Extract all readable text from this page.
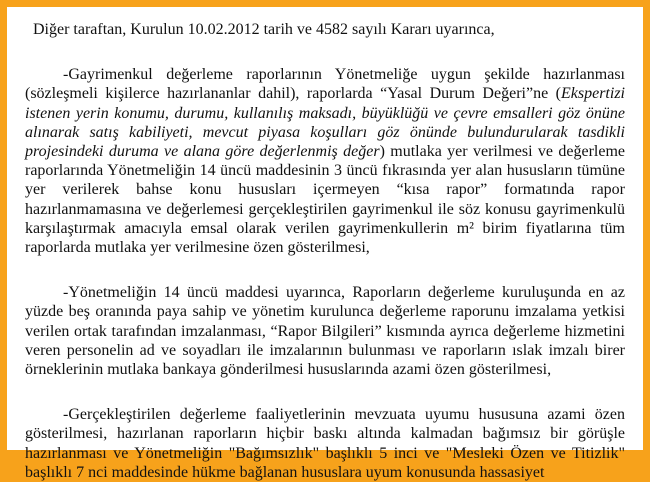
Diğer taraftan, Kurulun 10.02.2012 tarih ve 4582 sayılı Kararı uyarınca,

-Gayrimenkul değerleme raporlarının Yönetmeliğe uygun şekilde hazırlanması (sözleşmeli kişilerce hazırlananlar dahil), raporlarda “Yasal Durum Değeri”ne (Ekspertizi istenen yerin konumu, durumu, kullanılış maksadı, büyüklüğü ve çevre emsalleri göz önüne alınarak satış kabiliyeti, mevcut piyasa koşulları göz önünde bulundurularak tasdikli projesindeki duruma ve alana göre değerlenmiş değer) mutlaka yer verilmesi ve değerleme raporlarında Yönetmeliğin 14 üncü maddesinin 3 üncü fıkrasında yer alan hususların tümüne yer verilerek bahse konu hususları içermeyen “kısa rapor” formatında rapor hazırlanmamasına ve değerlemesi gerçekleştirilen gayrimenkul ile söz konusu gayrimenkulü karşılaştırmak amacıyla emsal olarak verilen gayrimenkullerin m² birim fiyatlarına tüm raporlarda mutlaka yer verilmesine özen gösterilmesi,

-Yönetmeliğin 14 üncü maddesi uyarınca, Raporların değerleme kuruluşunda en az yüzde beş oranında paya sahip ve yönetim kurulunca değerleme raporunu imzalama yetkisi verilen ortak tarafından imzalanması, “Rapor Bilgileri” kısmında ayrıca değerleme hizmetini veren personelin ad ve soyadları ile imzalarının bulunması ve raporların ıslak imzalı birer örneklerinin mutlaka bankaya gönderilmesi hususlarında azami özen gösterilmesi,

-Gerçekleştirilen değerleme faaliyetlerinin mevzuata uyumu hususuna azami özen gösterilmesi, hazırlanan raporların hiçbir baskı altında kalmadan bağımsız bir görüşle hazırlanması ve Yönetmeliğin "Bağımsızlık" başlıklı 5 inci ve "Mesleki Özen ve Titizlik" başlıklı 7 nci maddesinde hükme bağlanan hususlara uyum konusunda hassasiyet
